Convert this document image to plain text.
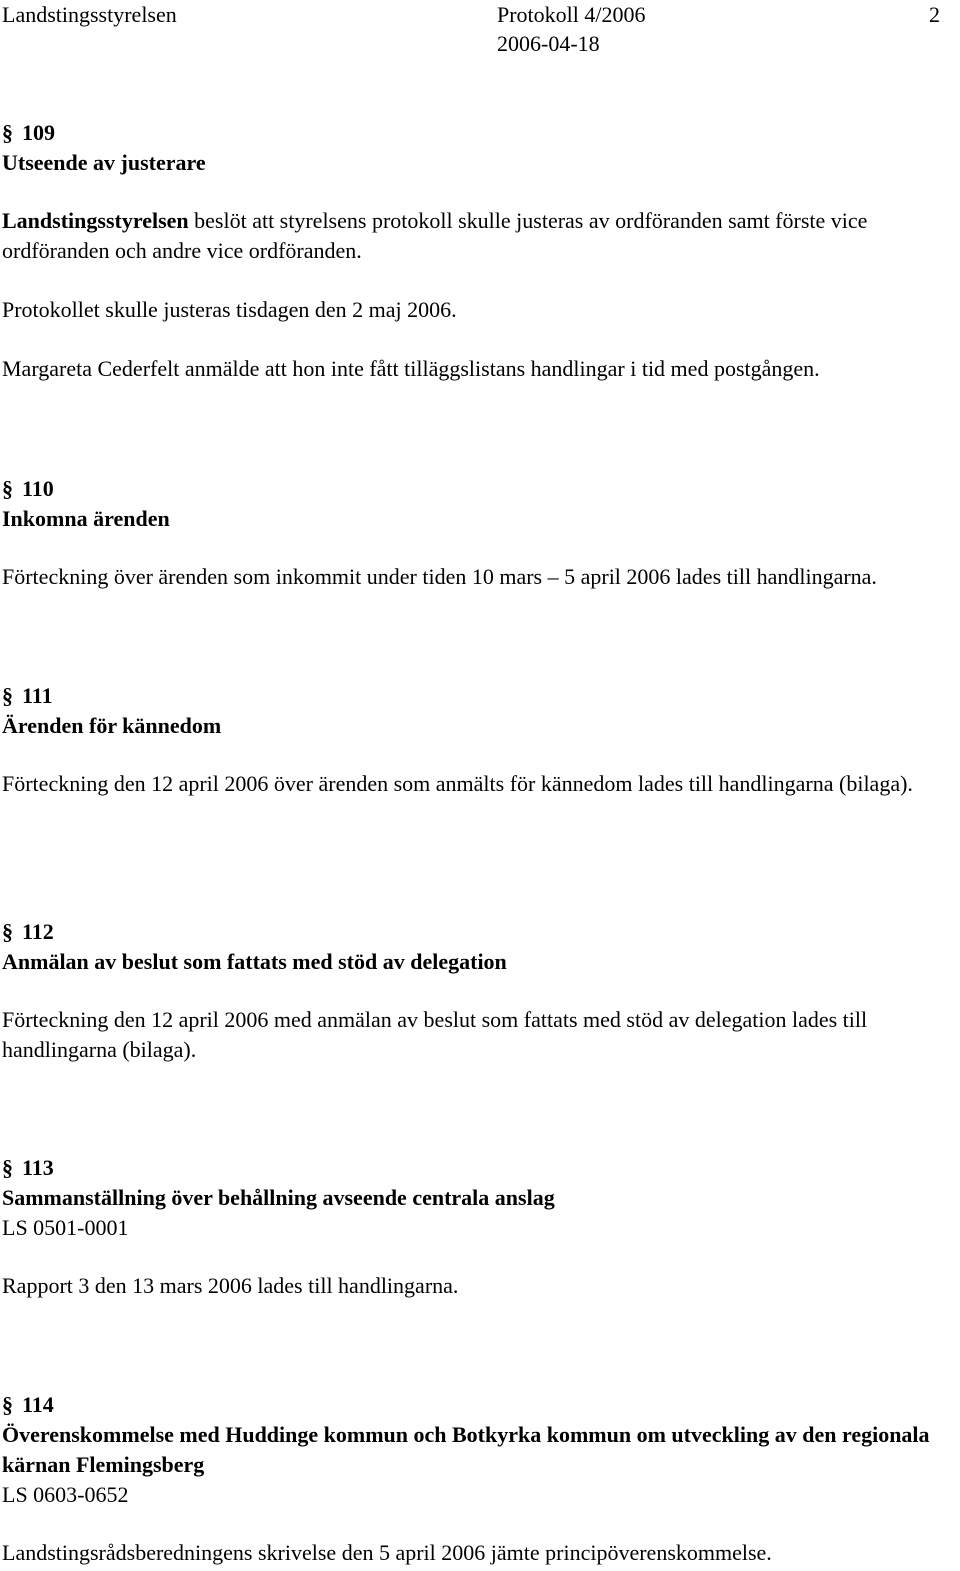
Landstingsstyrelsen	Protokoll 4/2006
2006-04-18
2
§ 109
Utseende av justerare
Landstingsstyrelsen beslöt att styrelsens protokoll skulle justeras av ordföranden samt förste vice ordföranden och andre vice ordföranden.
Protokollet skulle justeras tisdagen den 2 maj 2006.
Margareta Cederfelt anmälde att hon inte fått tilläggslistans handlingar i tid med postgången.
§ 110
Inkomna ärenden
Förteckning över ärenden som inkommit under tiden 10 mars – 5 april 2006 lades till handlingarna.
§ 111
Ärenden för kännedom
Förteckning den 12 april 2006 över ärenden som anmälts för kännedom lades till handlingarna (bilaga).
§ 112
Anmälan av beslut som fattats med stöd av delegation
Förteckning den 12 april 2006 med anmälan av beslut som fattats med stöd av delegation lades till handlingarna (bilaga).
§ 113
Sammanställning över behållning avseende centrala anslag
LS 0501-0001
Rapport 3 den 13 mars 2006 lades till handlingarna.
§ 114
Överenskommelse med Huddinge kommun och Botkyrka kommun om utveckling av den regionala kärnan Flemingsberg
LS 0603-0652
Landstingsrådsberedningens skrivelse den 5 april 2006 jämte principöverenskommelse.
